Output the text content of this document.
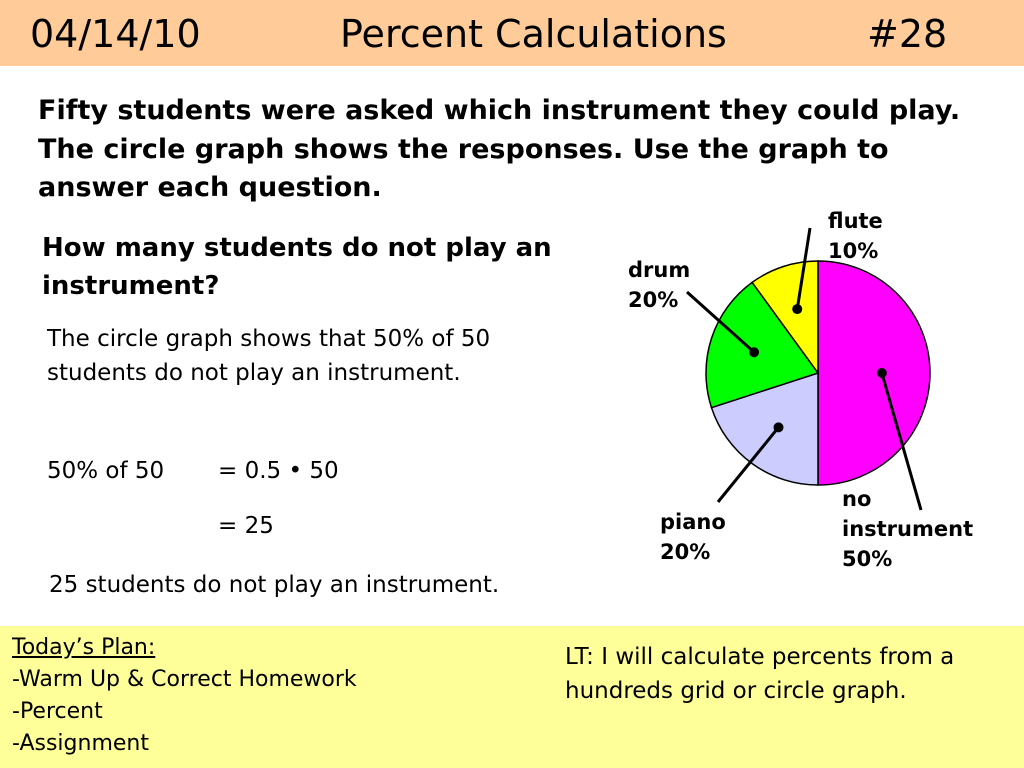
04/14/10	Percent Calculations	#28
Fifty students were asked which instrument they could play. The circle graph shows the responses. Use the graph to answer each question.
How many students do not play an instrument?
The circle graph shows that 50% of 50 students do not play an instrument.
50% of 50 = 0.5 • 50
= 25
25 students do not play an instrument.
flute
10%
drum
20%
piano
20%
no
instrument
50%
Today’s Plan:
-Warm Up & Correct Homework
-Percent
-Assignment
LT: I will calculate percents from a hundreds grid or circle graph.
